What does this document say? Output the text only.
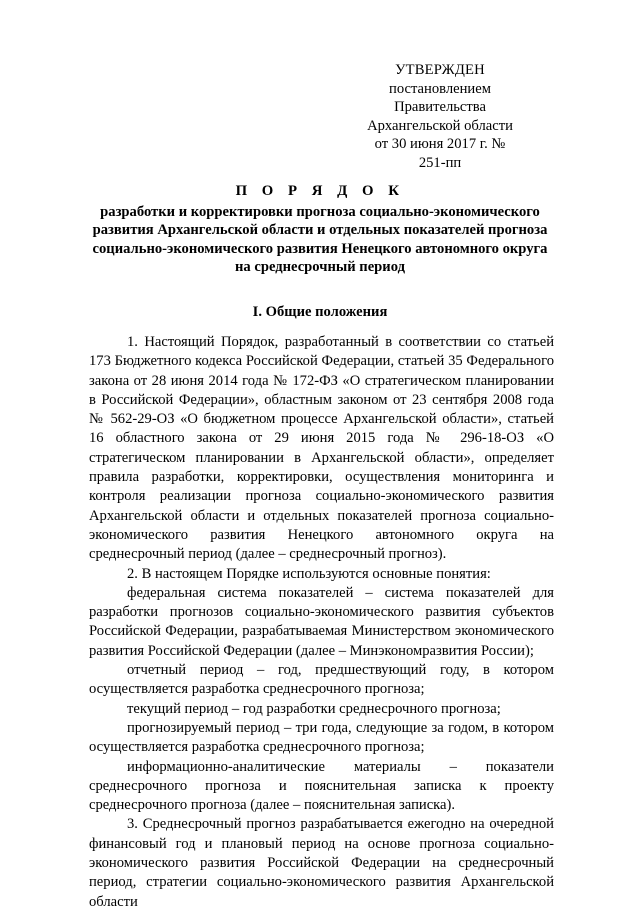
УТВЕРЖДЕН
постановлением Правительства
Архангельской области
от 30 июня 2017 г. № 251-пп
П О Р Я Д О К
разработки и корректировки прогноза социально-экономического
развития Архангельской области и отдельных показателей прогноза
социально-экономического развития Ненецкого автономного округа
на среднесрочный период
I. Общие положения

1. Настоящий Порядок, разработанный в соответствии со статьей 173 Бюджетного кодекса Российской Федерации, статьей 35 Федерального закона от 28 июня 2014 года № 172-ФЗ «О стратегическом планировании в Российской Федерации», областным законом от 23 сентября 2008 года № 562-29-ОЗ «О бюджетном процессе Архангельской области», статьей 16 областного закона от 29 июня 2015 года № 296-18-ОЗ «О стратегическом планировании в Архангельской области», определяет правила разработки, корректировки, осуществления мониторинга и контроля реализации прогноза социально-экономического развития Архангельской области и отдельных показателей прогноза социально-экономического развития Ненецкого автономного округа на среднесрочный период (далее – среднесрочный прогноз).

2. В настоящем Порядке используются основные понятия:

федеральная система показателей – система показателей для разработки прогнозов социально-экономического развития субъектов Российской Федерации, разрабатываемая Министерством экономического развития Российской Федерации (далее – Минэкономразвития России);

отчетный период – год, предшествующий году, в котором осуществляется разработка среднесрочного прогноза;

текущий период – год разработки среднесрочного прогноза;

прогнозируемый период – три года, следующие за годом, в котором осуществляется разработка среднесрочного прогноза;

информационно-аналитические материалы – показатели среднесрочного прогноза и пояснительная записка к проекту среднесрочного прогноза (далее – пояснительная записка).

3. Среднесрочный прогноз разрабатывается ежегодно на очередной финансовый год и плановый период на основе прогноза социально-экономического развития Российской Федерации на среднесрочный период, стратегии социально-экономического развития Архангельской области
